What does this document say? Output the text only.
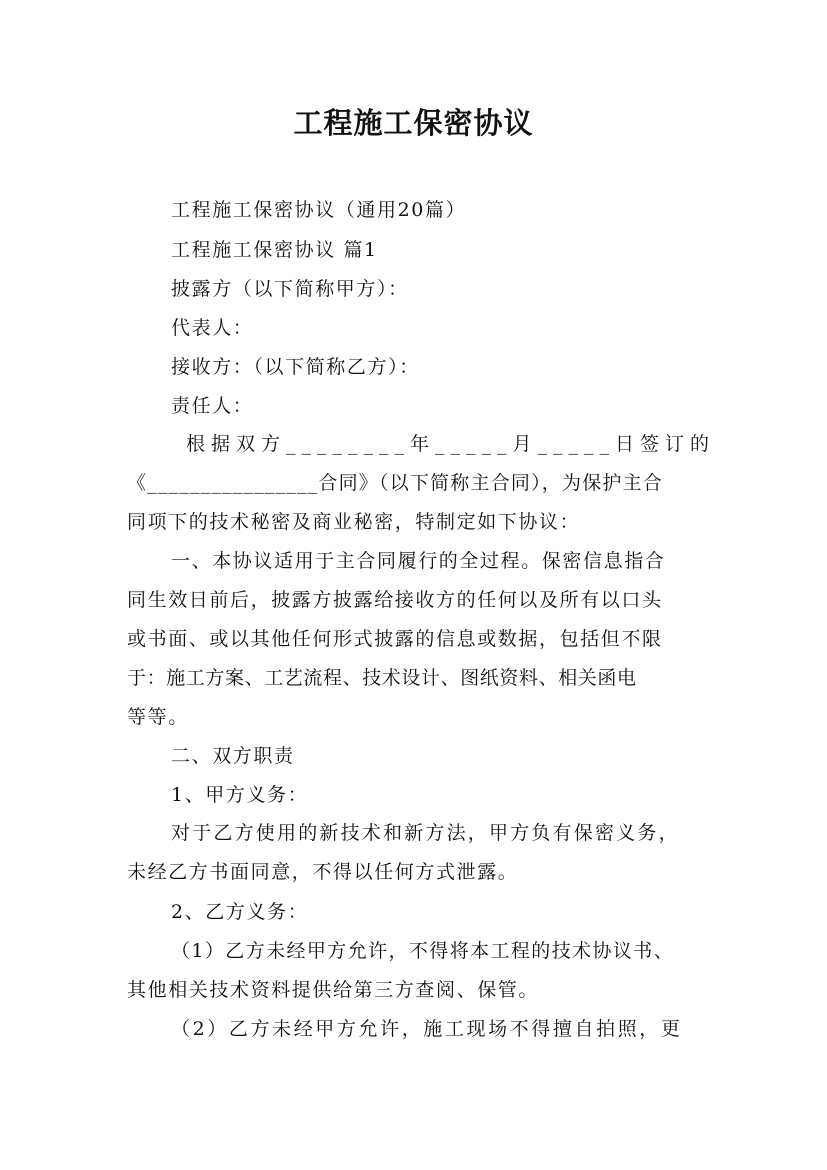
工程施工保密协议
工程施工保密协议（通用20篇）
工程施工保密协议 篇1
披露方（以下简称甲方）：
代表人：
接收方：（以下简称乙方）：
责任人：
根据双方________年_____月_____日签订的
《________________合同》（以下简称主合同），为保护主合
同项下的技术秘密及商业秘密，特制定如下协议：
一、本协议适用于主合同履行的全过程。保密信息指合
同生效日前后，披露方披露给接收方的任何以及所有以口头
或书面、或以其他任何形式披露的信息或数据，包括但不限
于：施工方案、工艺流程、技术设计、图纸资料、相关函电
等等。
二、双方职责
1、甲方义务：
对于乙方使用的新技术和新方法，甲方负有保密义务，
未经乙方书面同意，不得以任何方式泄露。
2、乙方义务：
（1）乙方未经甲方允许，不得将本工程的技术协议书、
其他相关技术资料提供给第三方查阅、保管。
（2）乙方未经甲方允许，施工现场不得擅自拍照，更
